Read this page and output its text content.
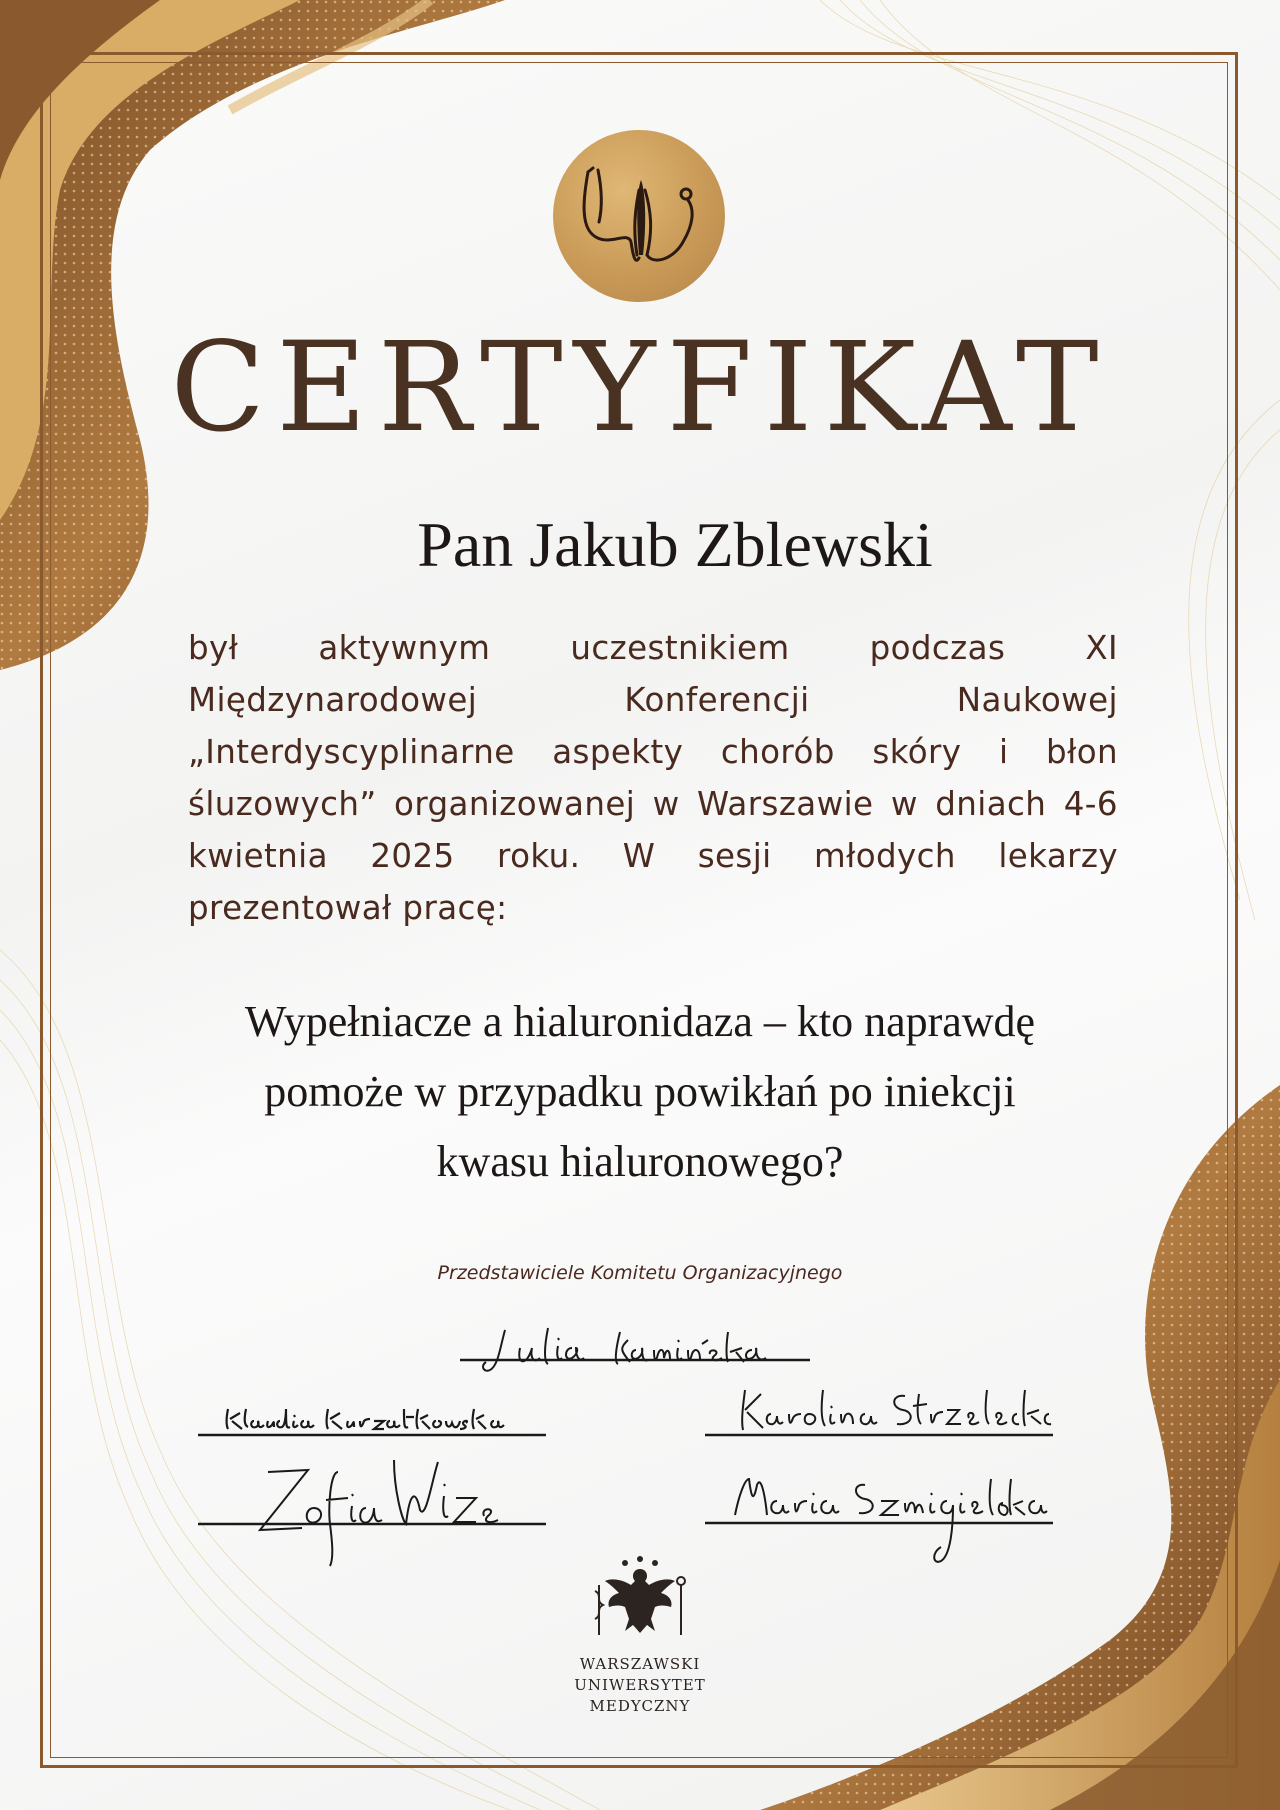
CERTYFIKAT
Pan Jakub Zblewski
był aktywnym uczestnikiem podczas XI Międzynarodowej Konferencji Naukowej „Interdyscyplinarne aspekty chorób skóry i błon śluzowych” organizowanej w Warszawie w dniach 4-6 kwietnia 2025 roku. W sesji młodych lekarzy prezentował pracę:
Wypełniacze a hialuronidaza – kto naprawdę
pomoże w przypadku powikłań po iniekcji
kwasu hialuronowego?
Przedstawiciele Komitetu Organizacyjnego
WARSZAWSKI
UNIWERSYTET
MEDYCZNY
